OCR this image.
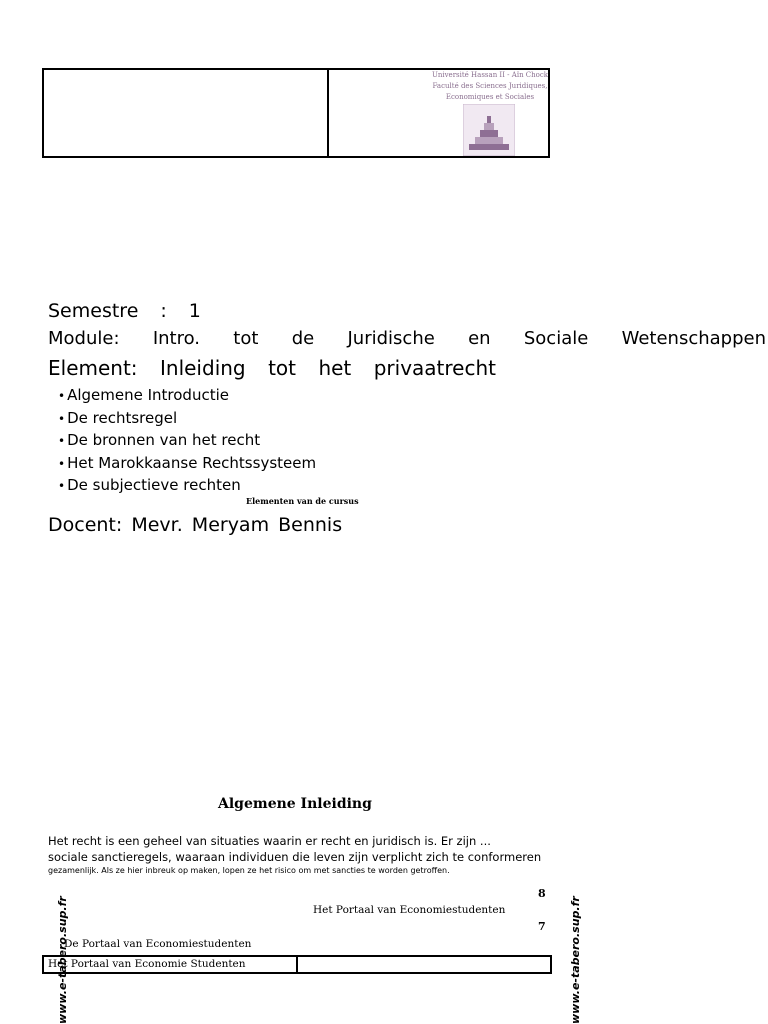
Université Hassan II - Aïn Chock
Faculté des Sciences Juridiques,
Economiques et Sociales
Semestre : 1
Module: Intro. tot de Juridische en Sociale Wetenschappen
Element: Inleiding tot het privaatrecht
• Algemene Introductie
• De rechtsregel
• De bronnen van het recht
• Het Marokkaanse Rechtssysteem
• De subjectieve rechten
Elementen van de cursus
Docent: Mevr. Meryam Bennis
Algemene Inleiding
Het recht is een geheel van situaties waarin er recht en juridisch is. Er zijn ...
sociale sanctieregels, waaraan individuen die leven zijn verplicht zich te conformeren
gezamenlijk. Als ze hier inbreuk op maken, lopen ze het risico om met sancties te worden getroffen.
8
Het Portaal van Economiestudenten
7
De Portaal van Economiestudenten
Het Portaal van Economie Studenten
www.e-tabero.sup.fr	www.e-tabero.sup.fr
